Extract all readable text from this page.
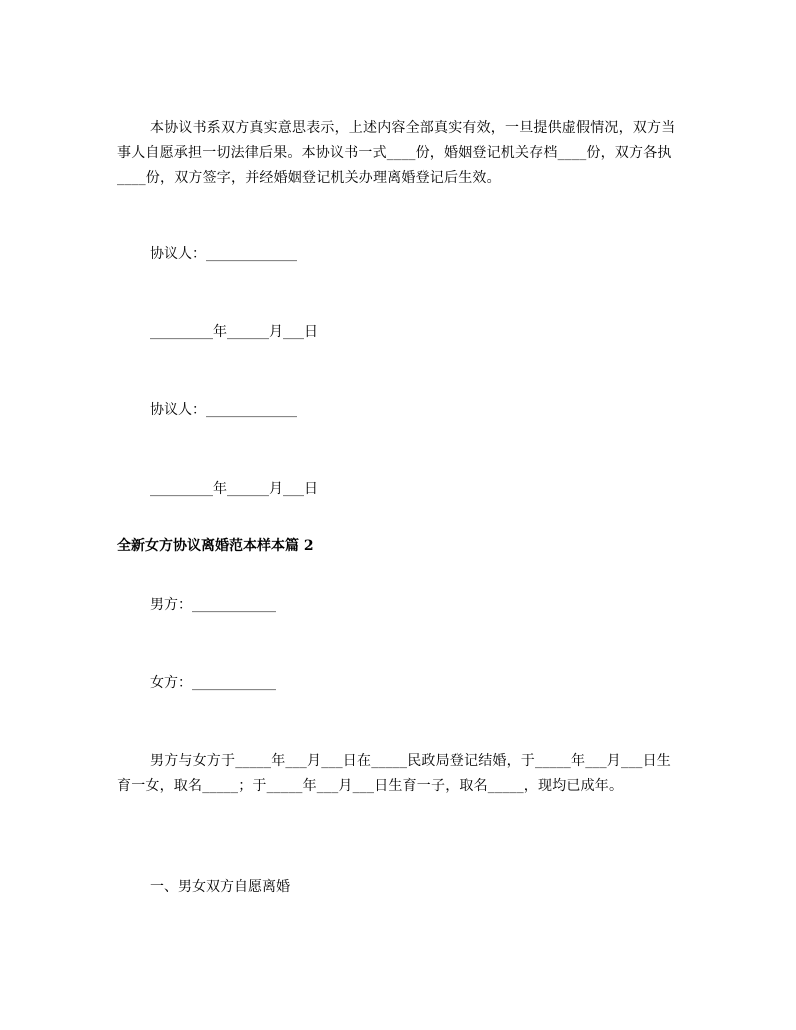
本协议书系双方真实意思表示，上述内容全部真实有效，一旦提供虚假情况，双方当事人自愿承担一切法律后果。本协议书一式____份，婚姻登记机关存档____份，双方各执____份，双方签字，并经婚姻登记机关办理离婚登记后生效。
协议人：_____________
_________年______月___日
协议人：_____________
_________年______月___日
全新女方协议离婚范本样本篇 2
男方：____________
女方：____________
男方与女方于_____年___月___日在_____民政局登记结婚，于_____年___月___日生育一女，取名_____；于_____年___月___日生育一子，取名_____，现均已成年。
一、男女双方自愿离婚
